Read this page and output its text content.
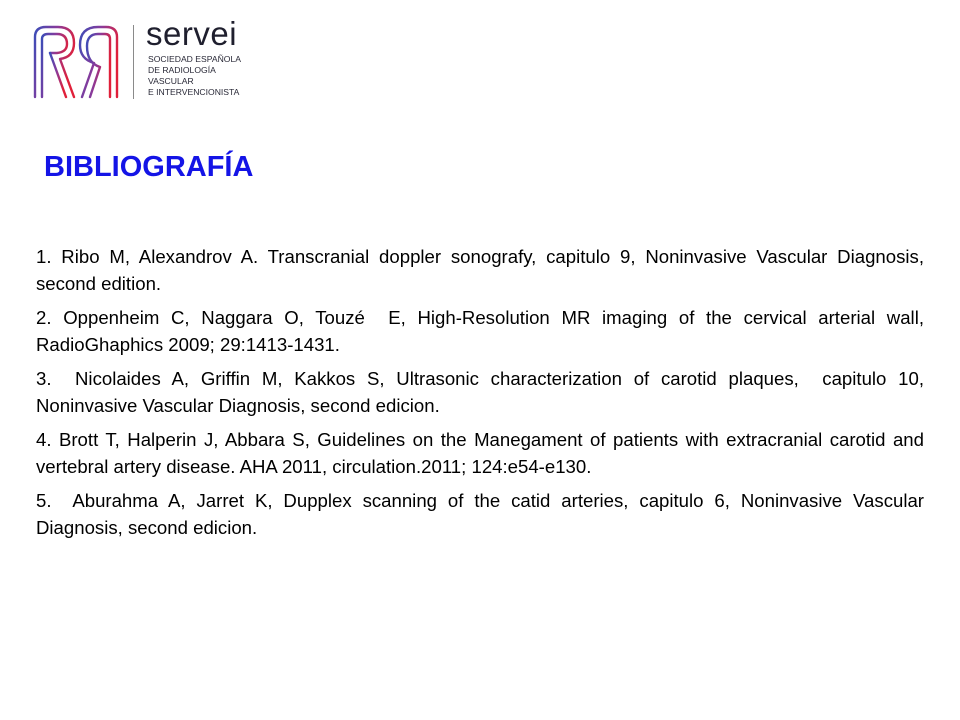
servei
SOCIEDAD ESPAÑOLA
DE RADIOLOGÍA
VASCULAR
E INTERVENCIONISTA
BIBLIOGRAFÍA
1. Ribo M, Alexandrov A. Transcranial doppler sonografy, capitulo 9, Noninvasive Vascular Diagnosis, second edition.
2. Oppenheim C, Naggara O, Touzé  E, High-Resolution MR imaging of the cervical arterial wall, RadioGhaphics 2009; 29:1413-1431.
3.  Nicolaides A, Griffin M, Kakkos S, Ultrasonic characterization of carotid plaques,  capitulo 10, Noninvasive Vascular Diagnosis, second edicion.
4. Brott T, Halperin J, Abbara S, Guidelines on the Manegament of patients with extracranial carotid and vertebral artery disease. AHA 2011, circulation.2011; 124:e54-e130.
5.  Aburahma A, Jarret K, Dupplex scanning of the catid arteries, capitulo 6, Noninvasive Vascular Diagnosis, second edicion.
